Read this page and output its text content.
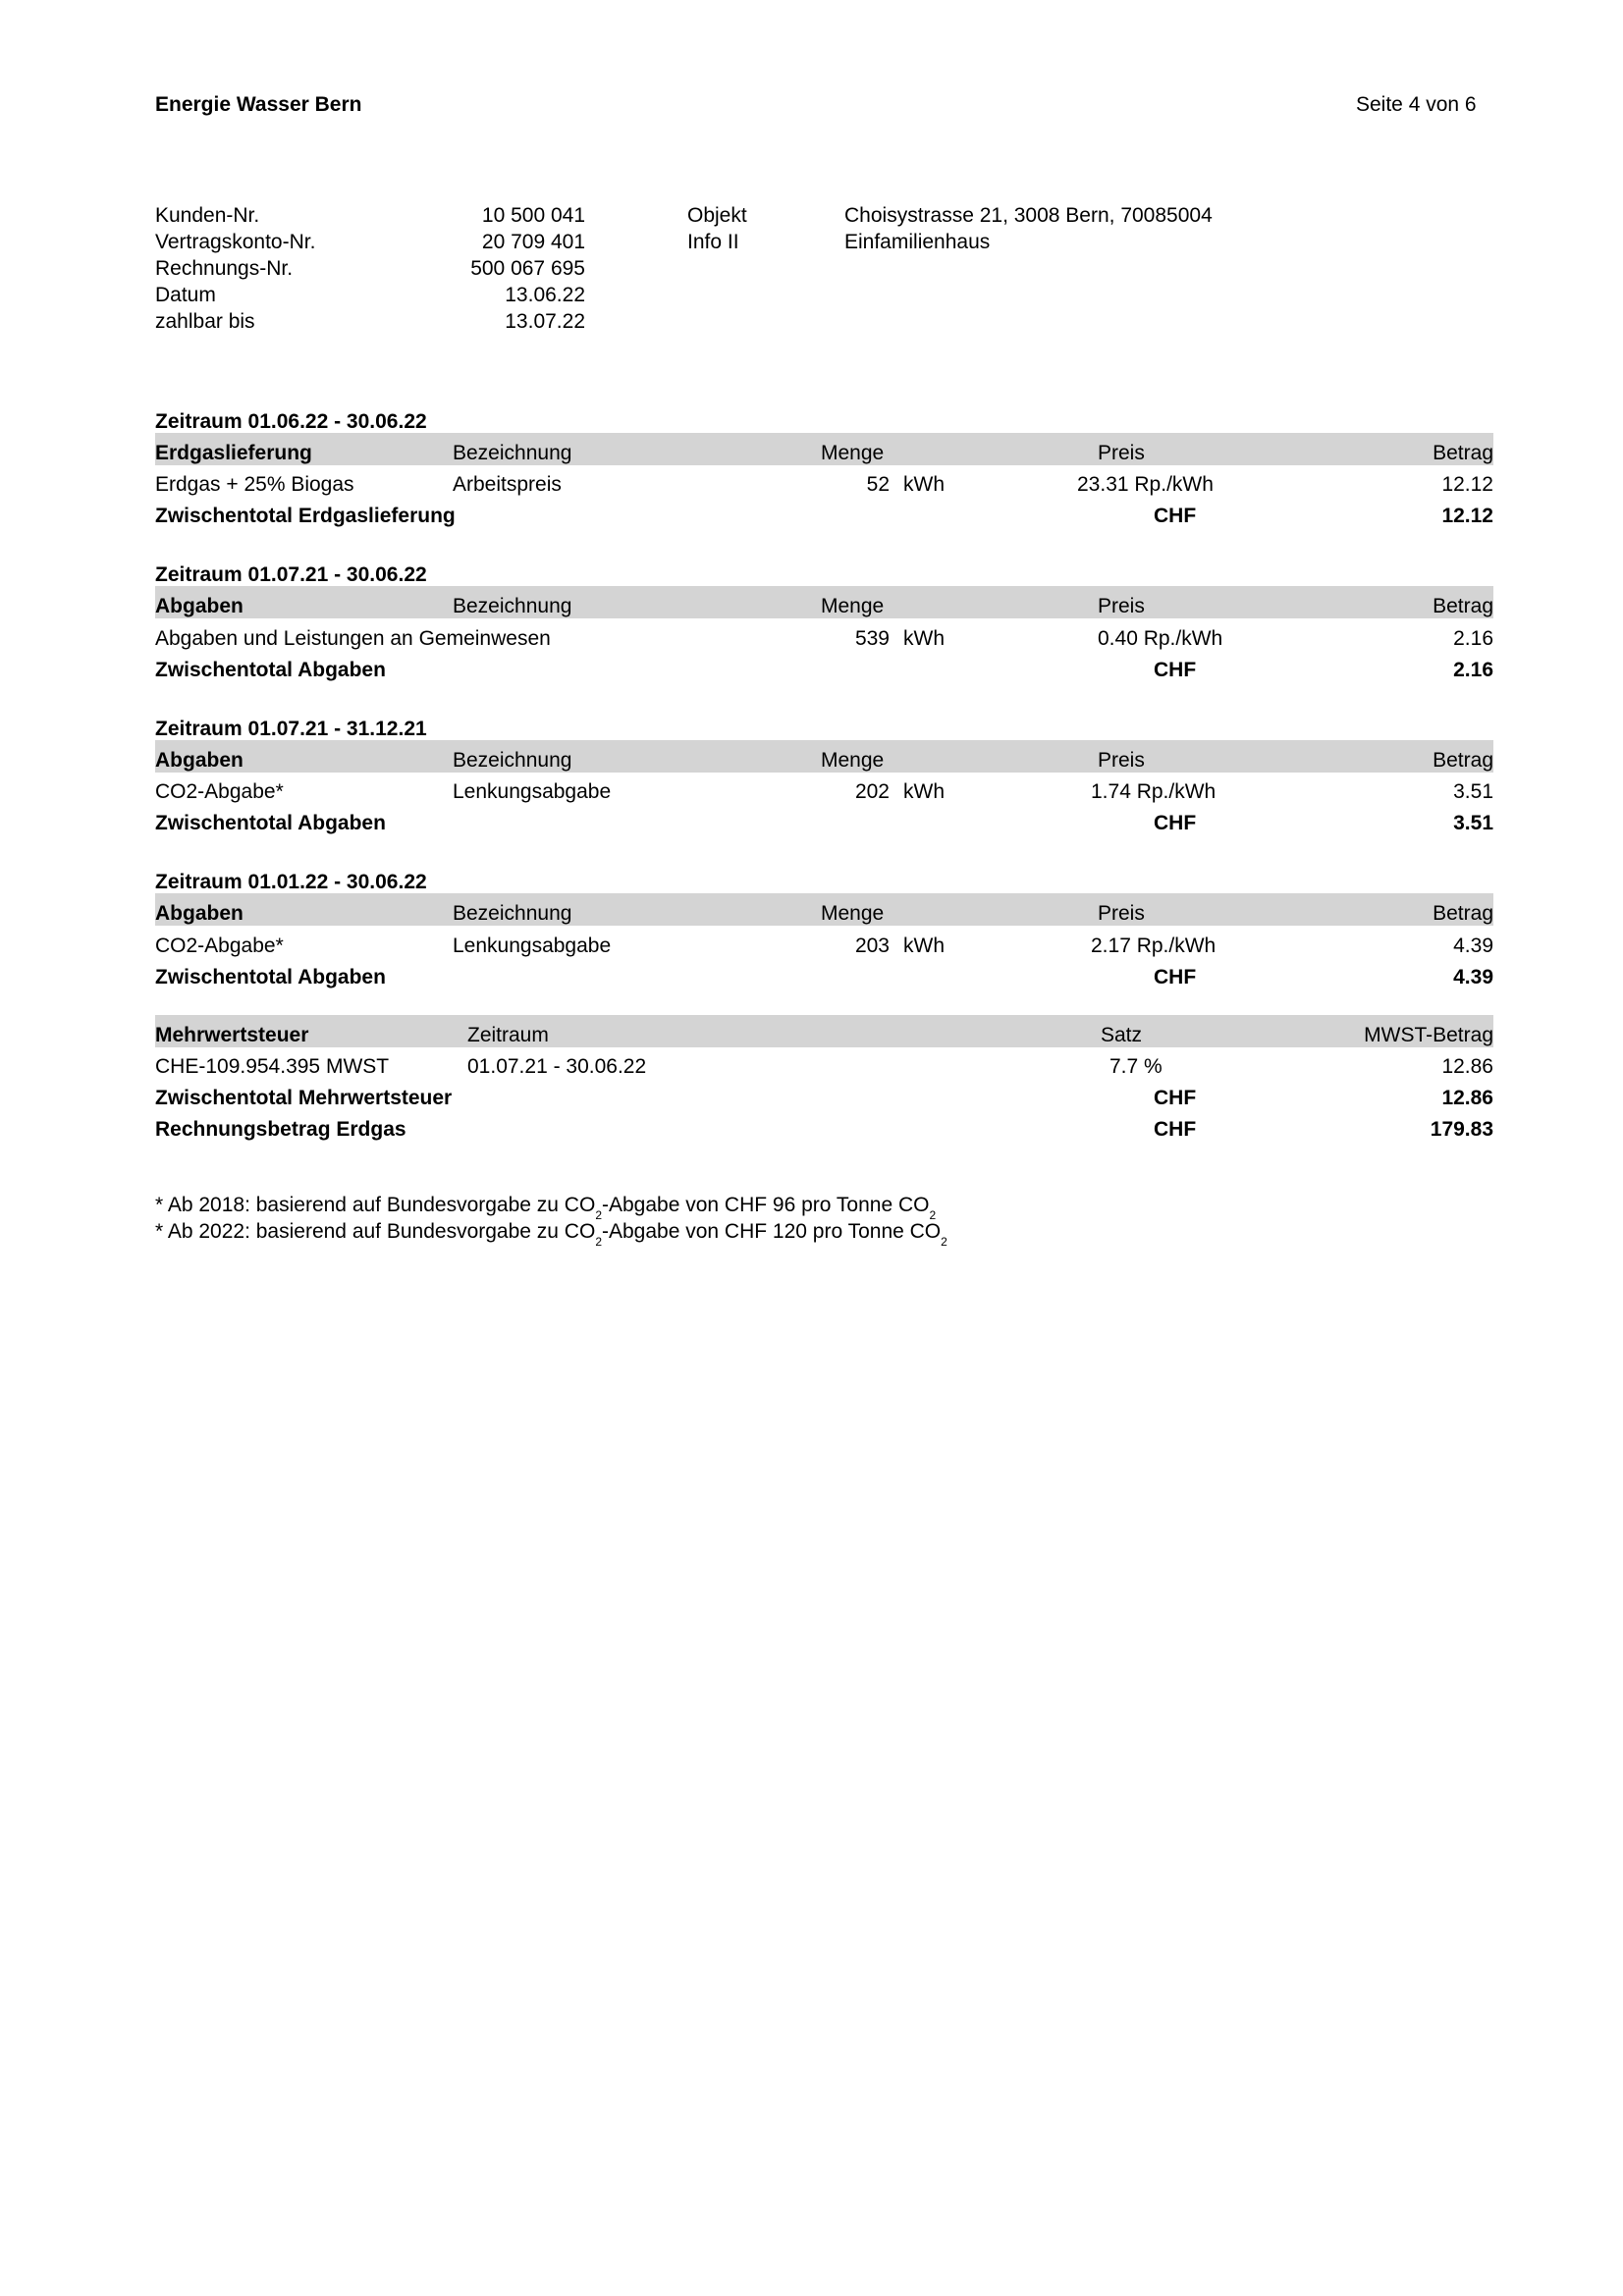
Energie Wasser Bern	Seite 4 von 6
Kunden-Nr.	10 500 041
Vertragskonto-Nr.	20 709 401
Rechnungs-Nr.	500 067 695
Datum	13.06.22
zahlbar bis	13.07.22
Objekt	Choisystrasse 21, 3008 Bern, 70085004
Info II	Einfamilienhaus
Zeitraum 01.06.22 - 30.06.22
Erdgaslieferung	Bezeichnung	Menge	Preis	Betrag
Erdgas + 25% Biogas	Arbeitspreis	52 kWh	23.31 Rp./kWh	12.12
Zwischentotal Erdgaslieferung	CHF	12.12
Zeitraum 01.07.21 - 30.06.22
Abgaben	Bezeichnung	Menge	Preis	Betrag
Abgaben und Leistungen an Gemeinwesen	539 kWh	0.40 Rp./kWh	2.16
Zwischentotal Abgaben	CHF	2.16
Zeitraum 01.07.21 - 31.12.21
Abgaben	Bezeichnung	Menge	Preis	Betrag
CO2-Abgabe*	Lenkungsabgabe	202 kWh	1.74 Rp./kWh	3.51
Zwischentotal Abgaben	CHF	3.51
Zeitraum 01.01.22 - 30.06.22
Abgaben	Bezeichnung	Menge	Preis	Betrag
CO2-Abgabe*	Lenkungsabgabe	203 kWh	2.17 Rp./kWh	4.39
Zwischentotal Abgaben	CHF	4.39
Mehrwertsteuer	Zeitraum	Satz	MWST-Betrag
CHE-109.954.395 MWST	01.07.21 - 30.06.22	7.7 %	12.86
Zwischentotal Mehrwertsteuer	CHF	12.86
Rechnungsbetrag Erdgas	CHF	179.83
* Ab 2018: basierend auf Bundesvorgabe zu $CO_2$-Abgabe von CHF 96 pro Tonne $CO_2$
* Ab 2022: basierend auf Bundesvorgabe zu $CO_2$-Abgabe von CHF 120 pro Tonne $CO_2$
